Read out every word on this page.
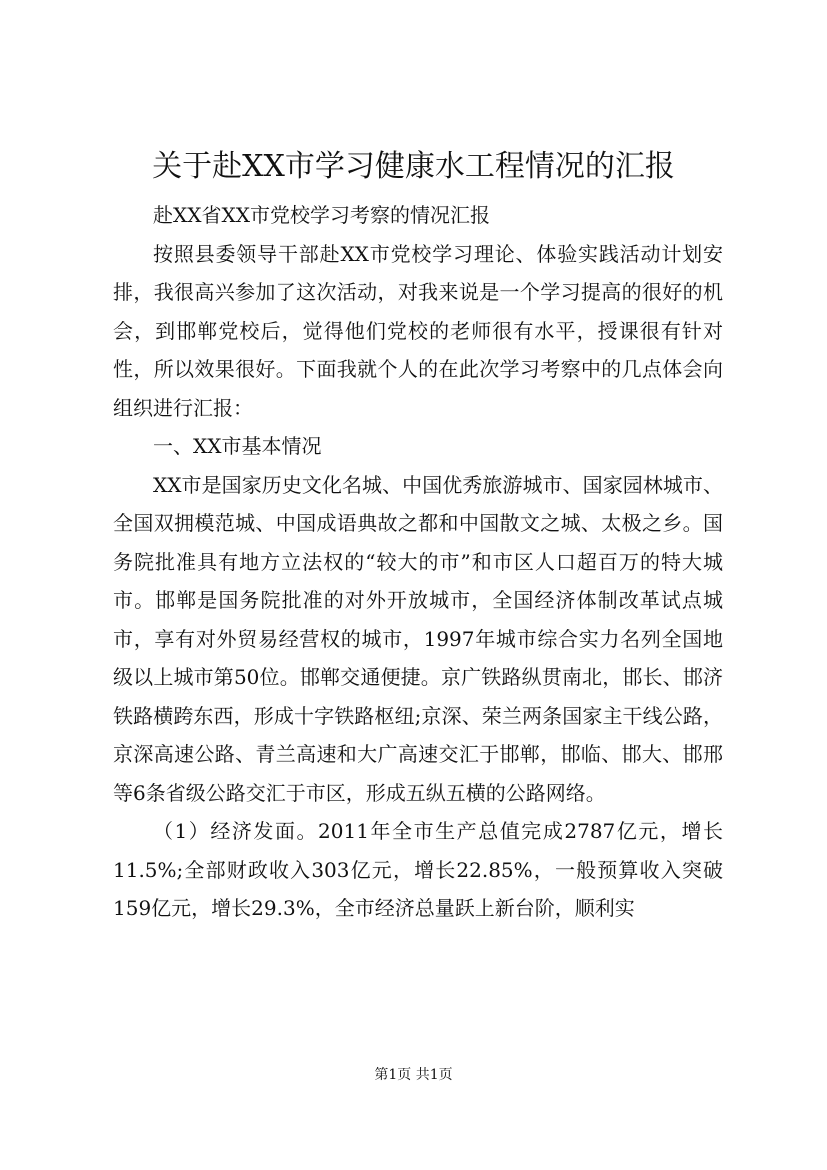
关于赴XX市学习健康水工程情况的汇报

赴XX省XX市党校学习考察的情况汇报

按照县委领导干部赴XX市党校学习理论、体验实践活动计划安排，我很高兴参加了这次活动，对我来说是一个学习提高的很好的机会，到邯郸党校后，觉得他们党校的老师很有水平，授课很有针对性，所以效果很好。下面我就个人的在此次学习考察中的几点体会向组织进行汇报：

一、XX市基本情况

XX市是国家历史文化名城、中国优秀旅游城市、国家园林城市、全国双拥模范城、中国成语典故之都和中国散文之城、太极之乡。国务院批准具有地方立法权的“较大的市”和市区人口超百万的特大城市。邯郸是国务院批准的对外开放城市，全国经济体制改革试点城市，享有对外贸易经营权的城市，1997年城市综合实力名列全国地级以上城市第50位。邯郸交通便捷。京广铁路纵贯南北，邯长、邯济铁路横跨东西，形成十字铁路枢纽;京深、荣兰两条国家主干线公路，京深高速公路、青兰高速和大广高速交汇于邯郸，邯临、邯大、邯邢等6条省级公路交汇于市区，形成五纵五横的公路网络。

（1）经济发面。2011年全市生产总值完成2787亿元，增长11.5%;全部财政收入303亿元，增长22.85%，一般预算收入突破159亿元，增长29.3%，全市经济总量跃上新台阶，顺利实

第1页 共1页
